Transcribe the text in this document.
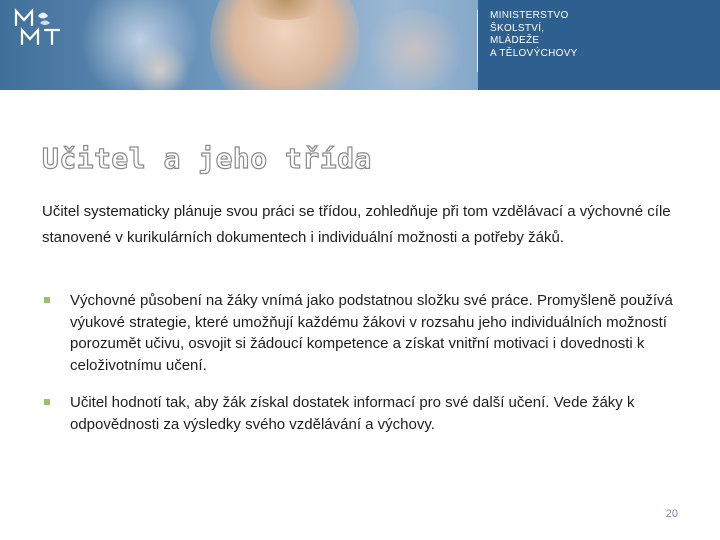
MINISTERSTVO
ŠKOLSTVÍ,
MLÁDEŽE
A TĚLOVÝCHOVY

Učitel a jeho třída

Učitel systematicky plánuje svou práci se třídou, zohledňuje při tom vzdělávací a výchovné cíle stanovené v kurikulárních dokumentech i individuální možnosti a potřeby žáků.

Výchovné působení na žáky vnímá jako podstatnou složku své práce. Promyšleně používá výukové strategie, které umožňují každému žákovi v rozsahu jeho individuálních možností porozumět učivu, osvojit si žádoucí kompetence a získat vnitřní motivaci i dovednosti k celoživotnímu učení.
Učitel hodnotí tak, aby žák získal dostatek informací pro své další učení. Vede žáky k odpovědnosti za výsledky svého vzdělávání a výchovy.
20
